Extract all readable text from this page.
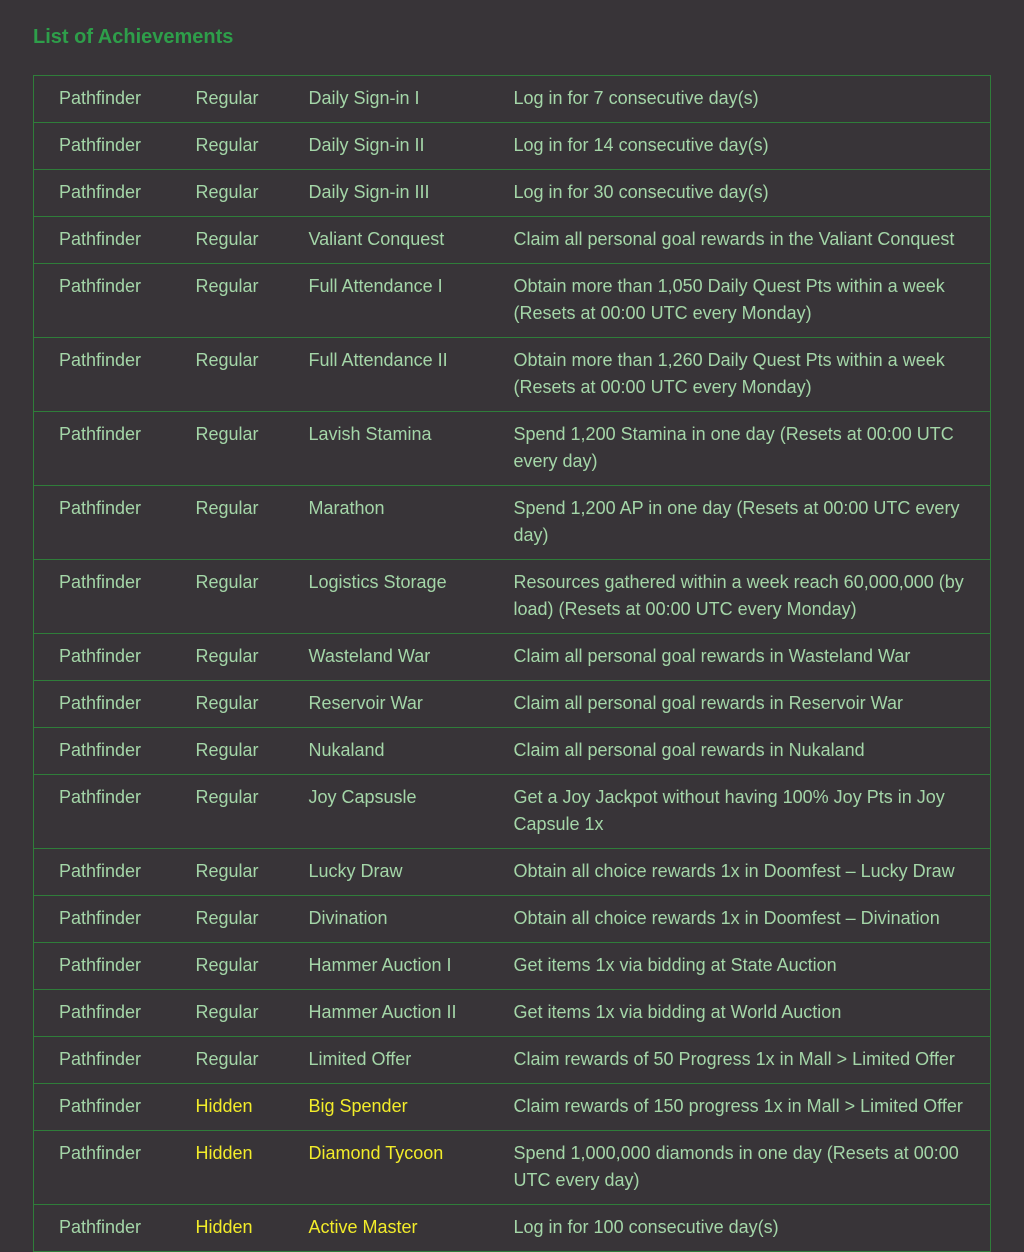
List of Achievements
Pathfinder	Regular	Daily Sign-in I	Log in for 7 consecutive day(s)
Pathfinder	Regular	Daily Sign-in II	Log in for 14 consecutive day(s)
Pathfinder	Regular	Daily Sign-in III	Log in for 30 consecutive day(s)
Pathfinder	Regular	Valiant Conquest	Claim all personal goal rewards in the Valiant Conquest
Pathfinder	Regular	Full Attendance I	Obtain more than 1,050 Daily Quest Pts within a week (Resets at 00:00 UTC every Monday)
Pathfinder	Regular	Full Attendance II	Obtain more than 1,260 Daily Quest Pts within a week (Resets at 00:00 UTC every Monday)
Pathfinder	Regular	Lavish Stamina	Spend 1,200 Stamina in one day (Resets at 00:00 UTC every day)
Pathfinder	Regular	Marathon	Spend 1,200 AP in one day (Resets at 00:00 UTC every day)
Pathfinder	Regular	Logistics Storage	Resources gathered within a week reach 60,000,000 (by load) (Resets at 00:00 UTC every Monday)
Pathfinder	Regular	Wasteland War	Claim all personal goal rewards in Wasteland War
Pathfinder	Regular	Reservoir War	Claim all personal goal rewards in Reservoir War
Pathfinder	Regular	Nukaland	Claim all personal goal rewards in Nukaland
Pathfinder	Regular	Joy Capsusle	Get a Joy Jackpot without having 100% Joy Pts in Joy Capsule 1x
Pathfinder	Regular	Lucky Draw	Obtain all choice rewards 1x in Doomfest – Lucky Draw
Pathfinder	Regular	Divination	Obtain all choice rewards 1x in Doomfest – Divination
Pathfinder	Regular	Hammer Auction I	Get items 1x via bidding at State Auction
Pathfinder	Regular	Hammer Auction II	Get items 1x via bidding at World Auction
Pathfinder	Regular	Limited Offer	Claim rewards of 50 Progress 1x in Mall > Limited Offer
Pathfinder	Hidden	Big Spender	Claim rewards of 150 progress 1x in Mall > Limited Offer
Pathfinder	Hidden	Diamond Tycoon	Spend 1,000,000 diamonds in one day (Resets at 00:00 UTC every day)
Pathfinder	Hidden	Active Master	Log in for 100 consecutive day(s)
